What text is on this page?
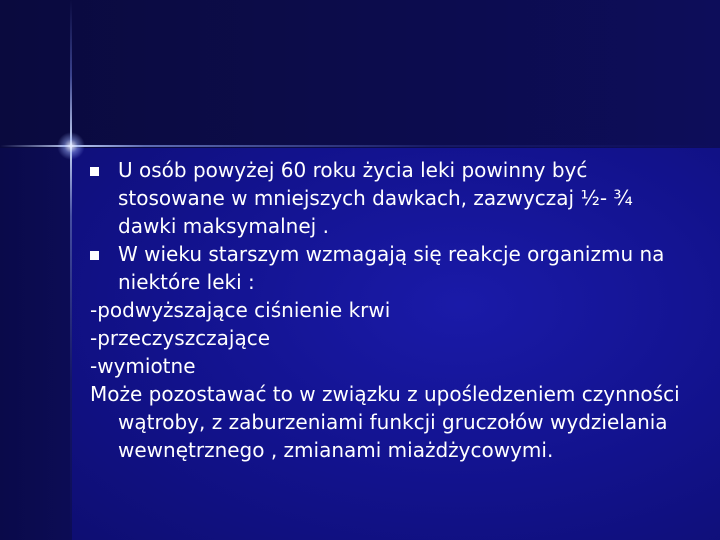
U osób powyżej 60 roku życia leki powinny być stosowane w mniejszych dawkach, zazwyczaj ½- ¾ dawki maksymalnej .
W wieku starszym wzmagają się reakcje organizmu na niektóre leki :
-podwyższające ciśnienie krwi
-przeczyszczające
-wymiotne
Może pozostawać to w związku z upośledzeniem czynności wątroby, z zaburzeniami funkcji gruczołów wydzielania wewnętrznego , zmianami miażdżycowymi.
